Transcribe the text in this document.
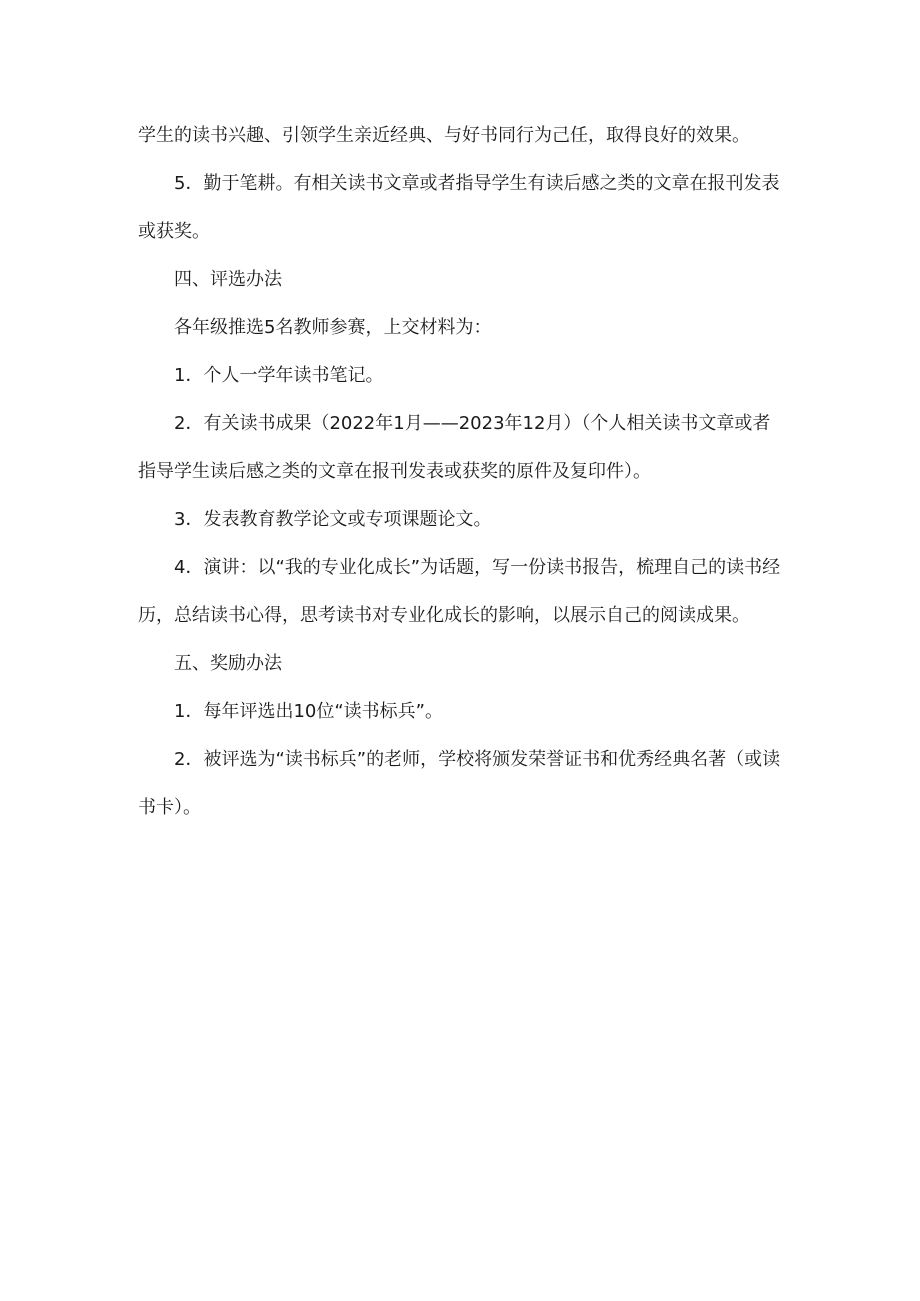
学生的读书兴趣、引领学生亲近经典、与好书同行为己任，取得良好的效果。

5．勤于笔耕。有相关读书文章或者指导学生有读后感之类的文章在报刊发表或获奖。

四、评选办法

各年级推选5名教师参赛，上交材料为：

1．个人一学年读书笔记。

2．有关读书成果（2022年1月——2023年12月）（个人相关读书文章或者指导学生读后感之类的文章在报刊发表或获奖的原件及复印件）。

3．发表教育教学论文或专项课题论文。

4．演讲：以“我的专业化成长”为话题，写一份读书报告，梳理自己的读书经历，总结读书心得，思考读书对专业化成长的影响，以展示自己的阅读成果。

五、奖励办法

1．每年评选出10位“读书标兵”。

2．被评选为“读书标兵”的老师，学校将颁发荣誉证书和优秀经典名著（或读书卡）。
